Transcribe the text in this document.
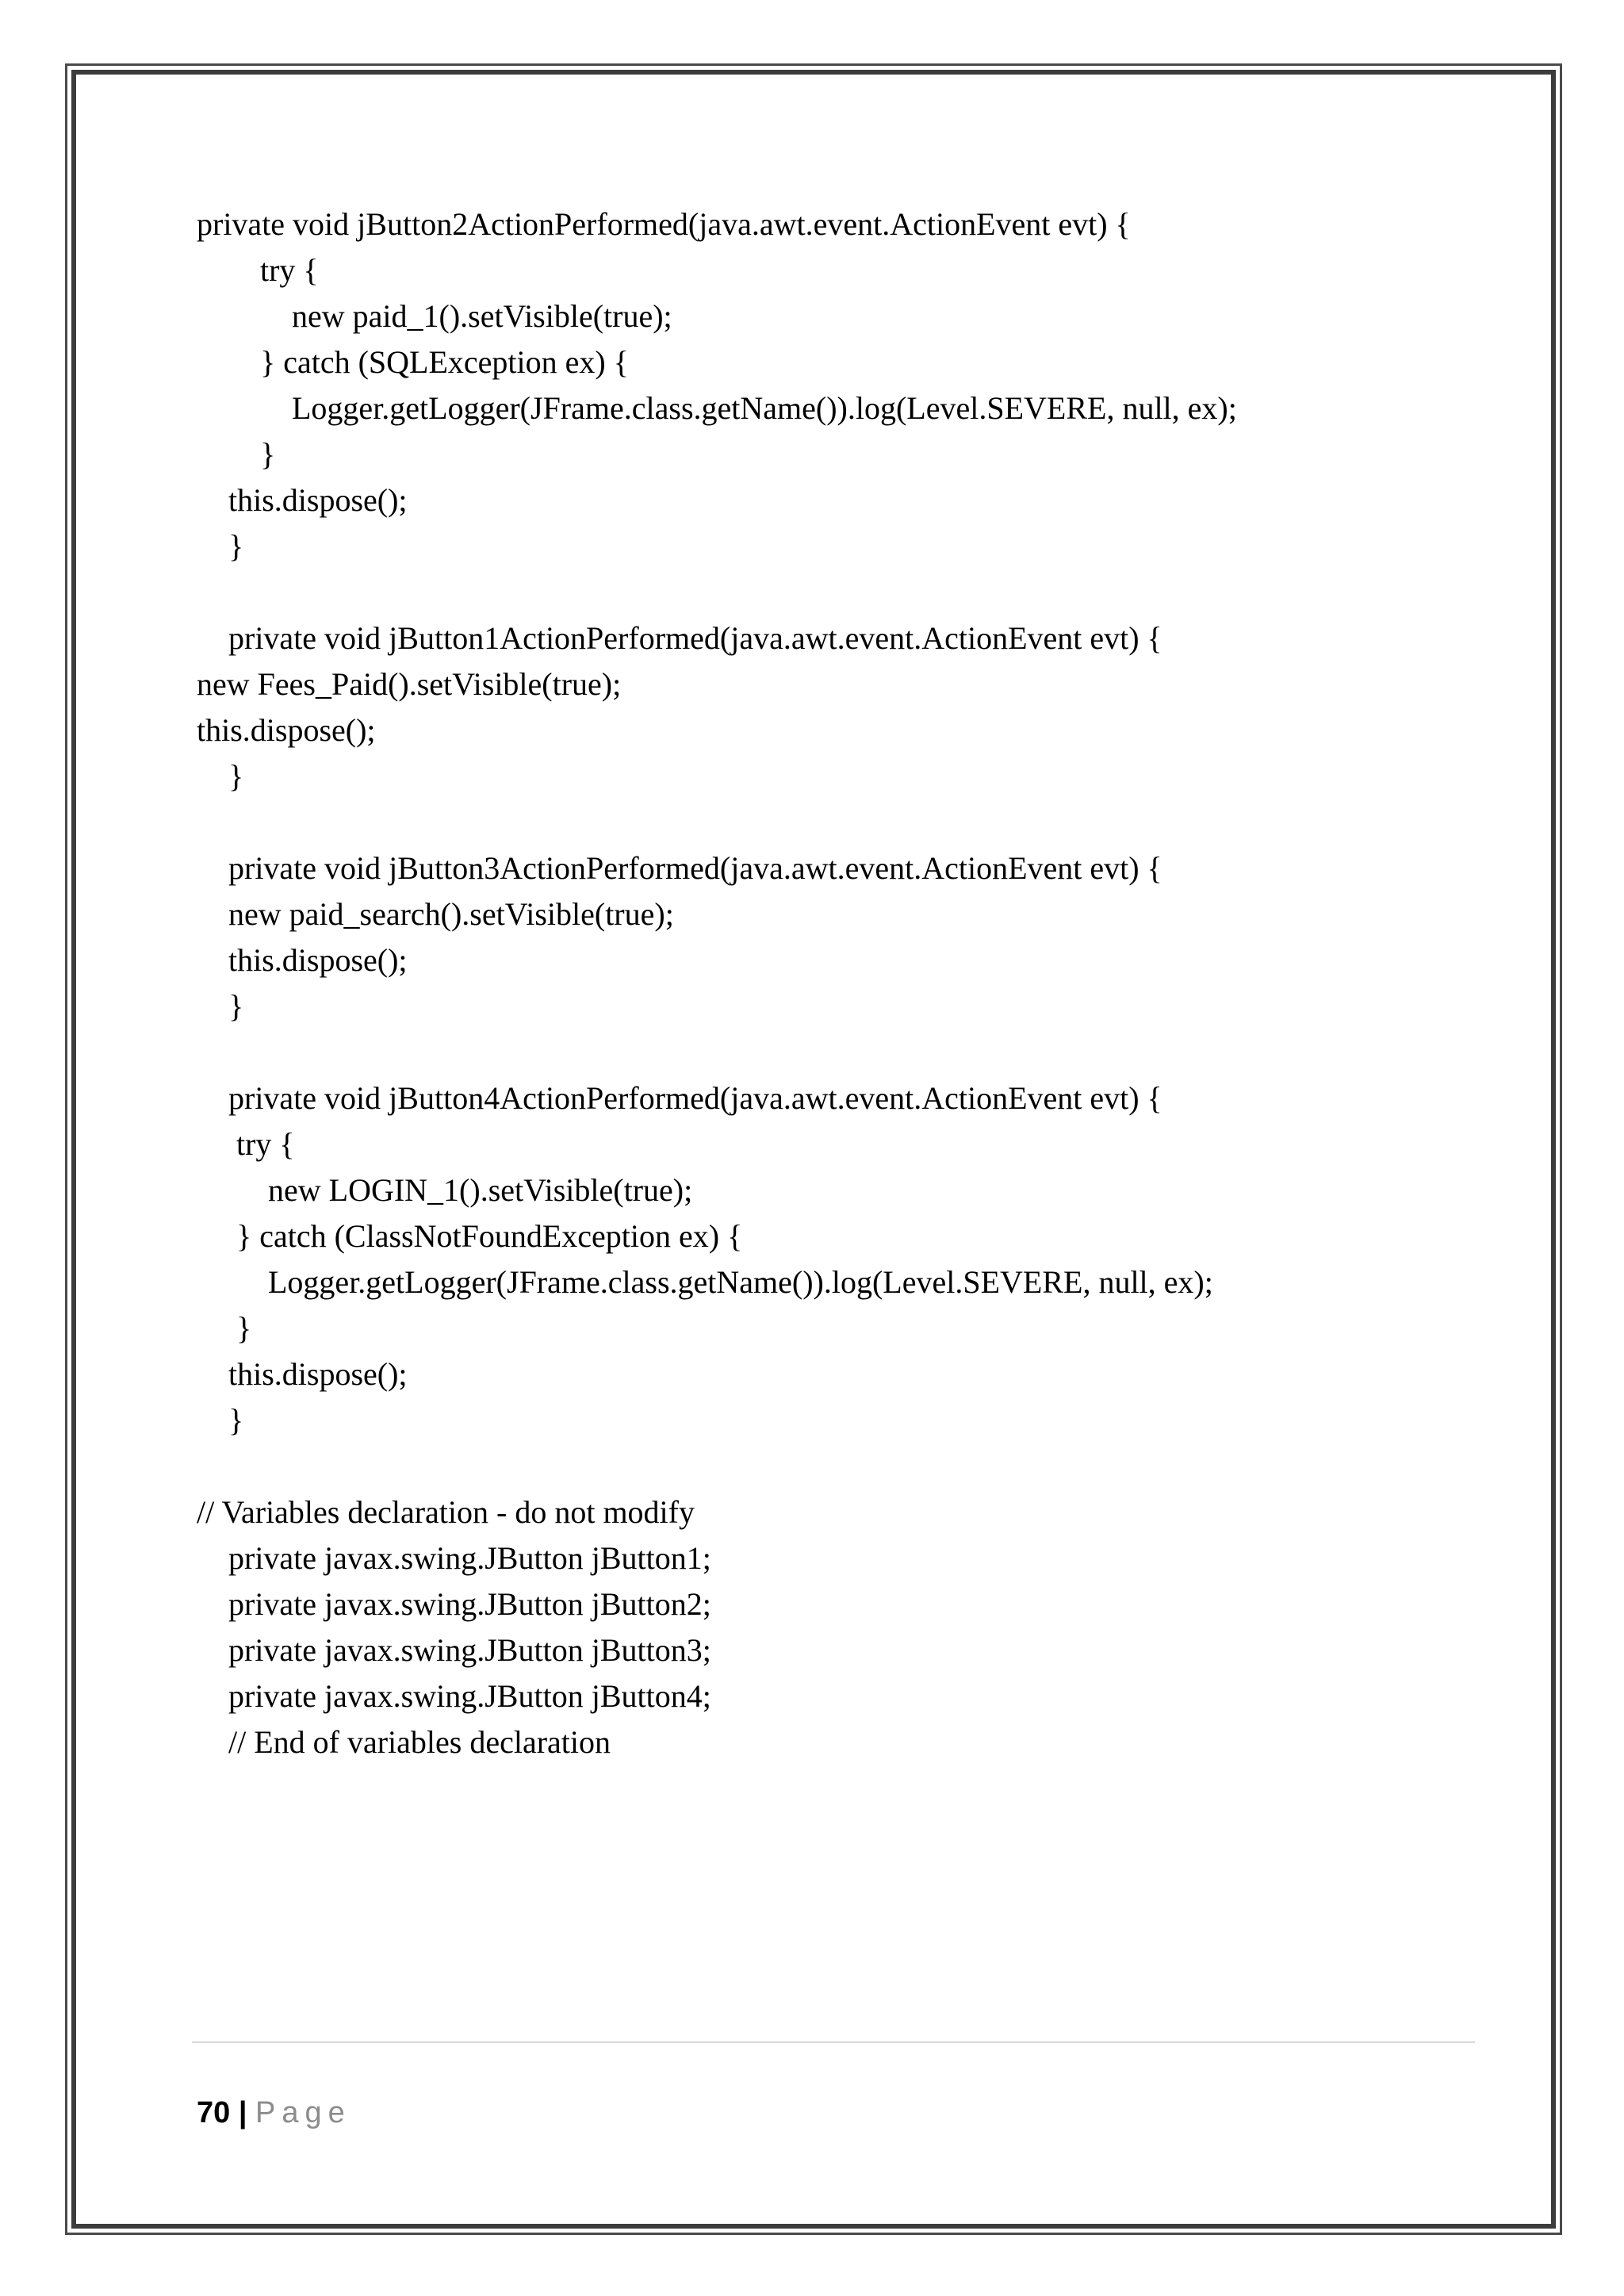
private void jButton2ActionPerformed(java.awt.event.ActionEvent evt) {
try {
new paid_1().setVisible(true);
} catch (SQLException ex) {
Logger.getLogger(JFrame.class.getName()).log(Level.SEVERE, null, ex);
}
this.dispose();
}
private void jButton1ActionPerformed(java.awt.event.ActionEvent evt) {
new Fees_Paid().setVisible(true);
this.dispose();
}
private void jButton3ActionPerformed(java.awt.event.ActionEvent evt) {
new paid_search().setVisible(true);
this.dispose();
}
private void jButton4ActionPerformed(java.awt.event.ActionEvent evt) {
try {
new LOGIN_1().setVisible(true);
} catch (ClassNotFoundException ex) {
Logger.getLogger(JFrame.class.getName()).log(Level.SEVERE, null, ex);
}
this.dispose();
}
// Variables declaration - do not modify
private javax.swing.JButton jButton1;
private javax.swing.JButton jButton2;
private javax.swing.JButton jButton3;
private javax.swing.JButton jButton4;
// End of variables declaration
70 | Page
